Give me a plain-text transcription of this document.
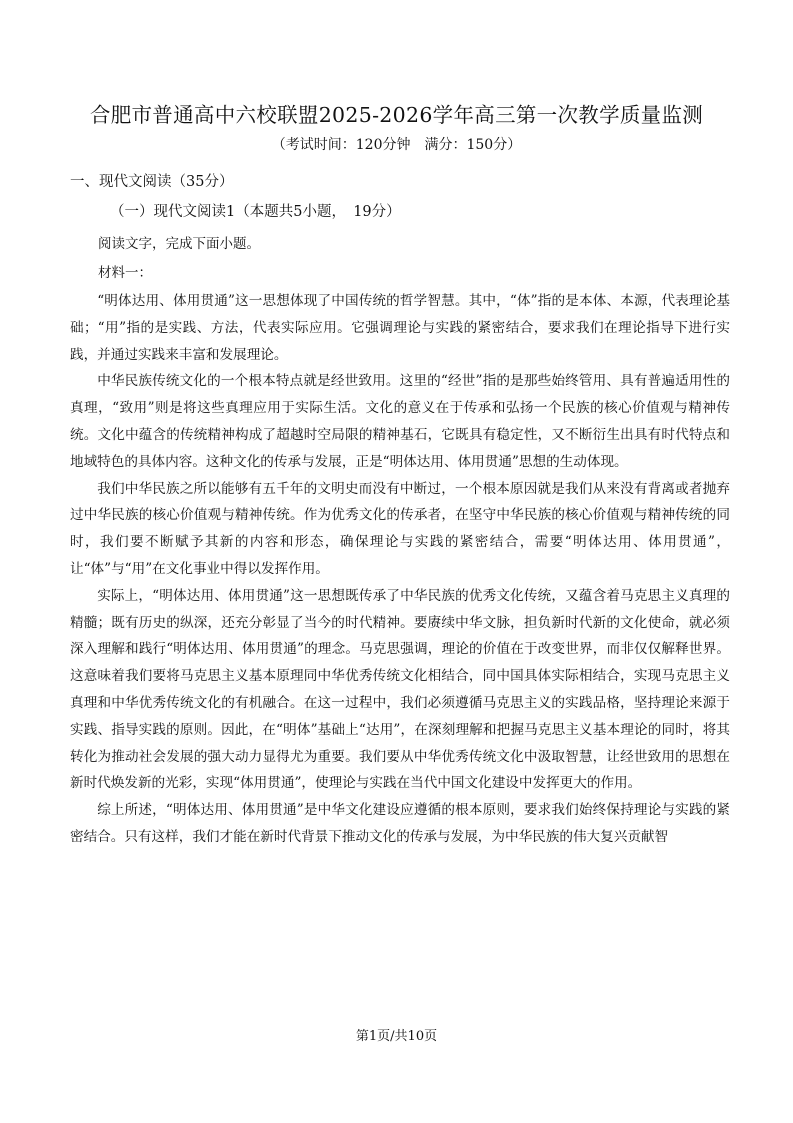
合肥市普通高中六校联盟2025-2026学年高三第一次教学质量监测
（考试时间：120分钟　满分：150分）
一、现代文阅读（35分）
（一）现代文阅读1（本题共5小题，　19分）
阅读文字，完成下面小题。
材料一：

“明体达用、体用贯通”这一思想体现了中国传统的哲学智慧。其中，“体”指的是本体、本源，代表理论基础；“用”指的是实践、方法，代表实际应用。它强调理论与实践的紧密结合，要求我们在理论指导下进行实践，并通过实践来丰富和发展理论。

中华民族传统文化的一个根本特点就是经世致用。这里的“经世”指的是那些始终管用、具有普遍适用性的真理，“致用”则是将这些真理应用于实际生活。文化的意义在于传承和弘扬一个民族的核心价值观与精神传统。文化中蕴含的传统精神构成了超越时空局限的精神基石，它既具有稳定性，又不断衍生出具有时代特点和地域特色的具体内容。这种文化的传承与发展，正是“明体达用、体用贯通”思想的生动体现。

我们中华民族之所以能够有五千年的文明史而没有中断过，一个根本原因就是我们从来没有背离或者抛弃过中华民族的核心价值观与精神传统。作为优秀文化的传承者，在坚守中华民族的核心价值观与精神传统的同时，我们要不断赋予其新的内容和形态，确保理论与实践的紧密结合，需要“明体达用、体用贯通”，让“体”与“用”在文化事业中得以发挥作用。

实际上，“明体达用、体用贯通”这一思想既传承了中华民族的优秀文化传统，又蕴含着马克思主义真理的精髓；既有历史的纵深，还充分彰显了当今的时代精神。要赓续中华文脉，担负新时代新的文化使命，就必须深入理解和践行“明体达用、体用贯通”的理念。马克思强调，理论的价值在于改变世界，而非仅仅解释世界。这意味着我们要将马克思主义基本原理同中华优秀传统文化相结合，同中国具体实际相结合，实现马克思主义真理和中华优秀传统文化的有机融合。在这一过程中，我们必须遵循马克思主义的实践品格，坚持理论来源于实践、指导实践的原则。因此，在“明体”基础上“达用”，在深刻理解和把握马克思主义基本理论的同时，将其转化为推动社会发展的强大动力显得尤为重要。我们要从中华优秀传统文化中汲取智慧，让经世致用的思想在新时代焕发新的光彩，实现“体用贯通”，使理论与实践在当代中国文化建设中发挥更大的作用。

综上所述，“明体达用、体用贯通”是中华文化建设应遵循的根本原则，要求我们始终保持理论与实践的紧密结合。只有这样，我们才能在新时代背景下推动文化的传承与发展，为中华民族的伟大复兴贡献智

第1页/共10页
